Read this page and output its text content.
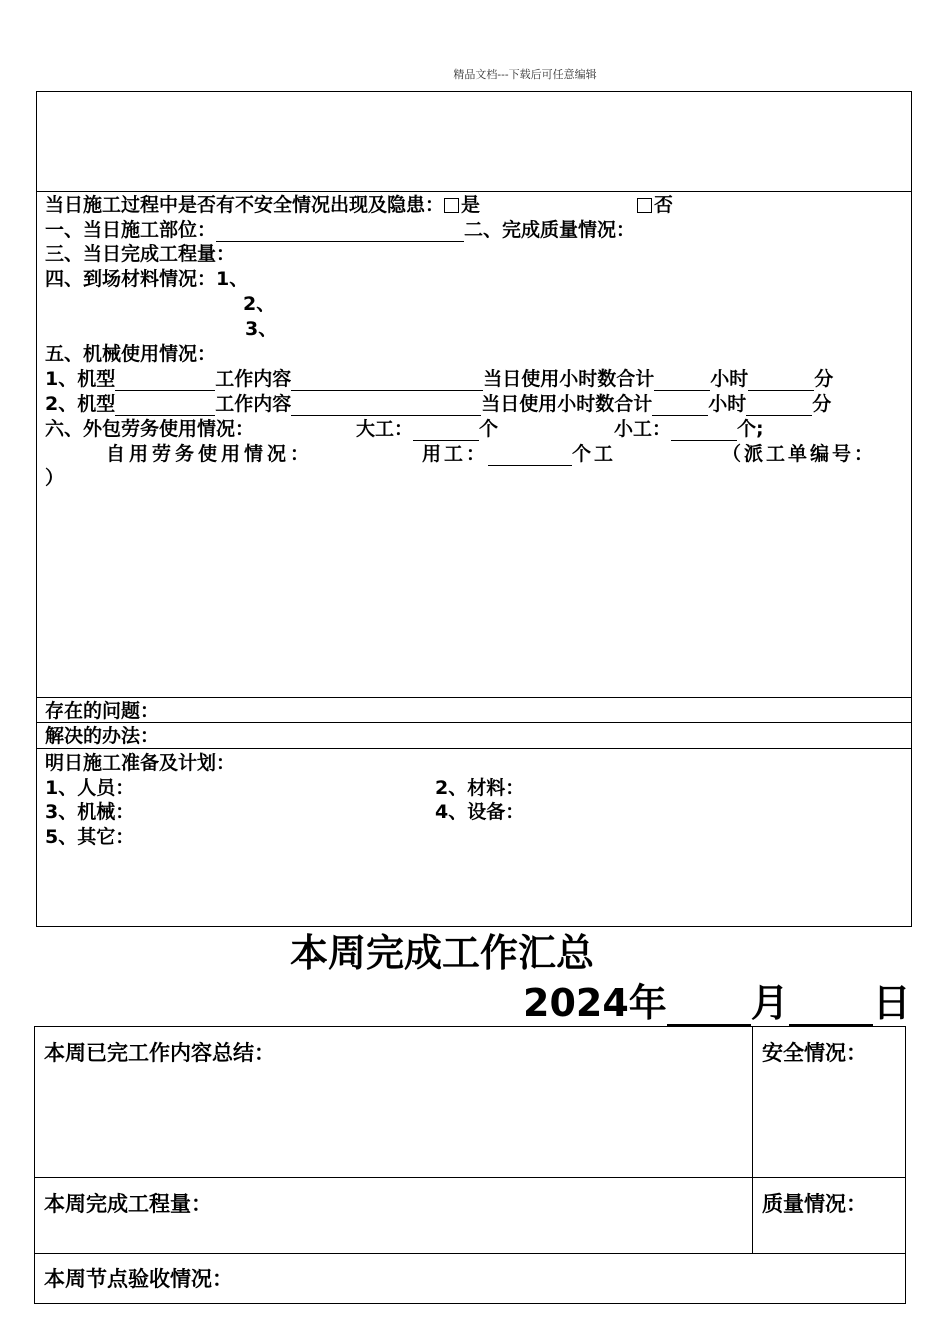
精品文档---下载后可任意编辑
当日施工过程中是否有不安全情况出现及隐患： 是	否
一、当日施工部位：	二、完成质量情况：
三、当日完成工程量：
四、到场材料情况：1、
2、
3、
五、机械使用情况：
1、机型	工作内容	当日使用小时数合计	小时	分
2、机型	工作内容	当日使用小时数合计	小时	分
六、外包劳务使用情况：	大工：	个	小工：	个;
自用劳务使用情况：	用工：	个工	（派工单编号：
）
存在的问题：
解决的办法：
明日施工准备及计划：
1、人员：	2、材料：
3、机械：	4、设备：
5、其它：
本周完成工作汇总
2024年 月 日
本周已完工作内容总结：	安全情况：
本周完成工程量：	质量情况：
本周节点验收情况：
